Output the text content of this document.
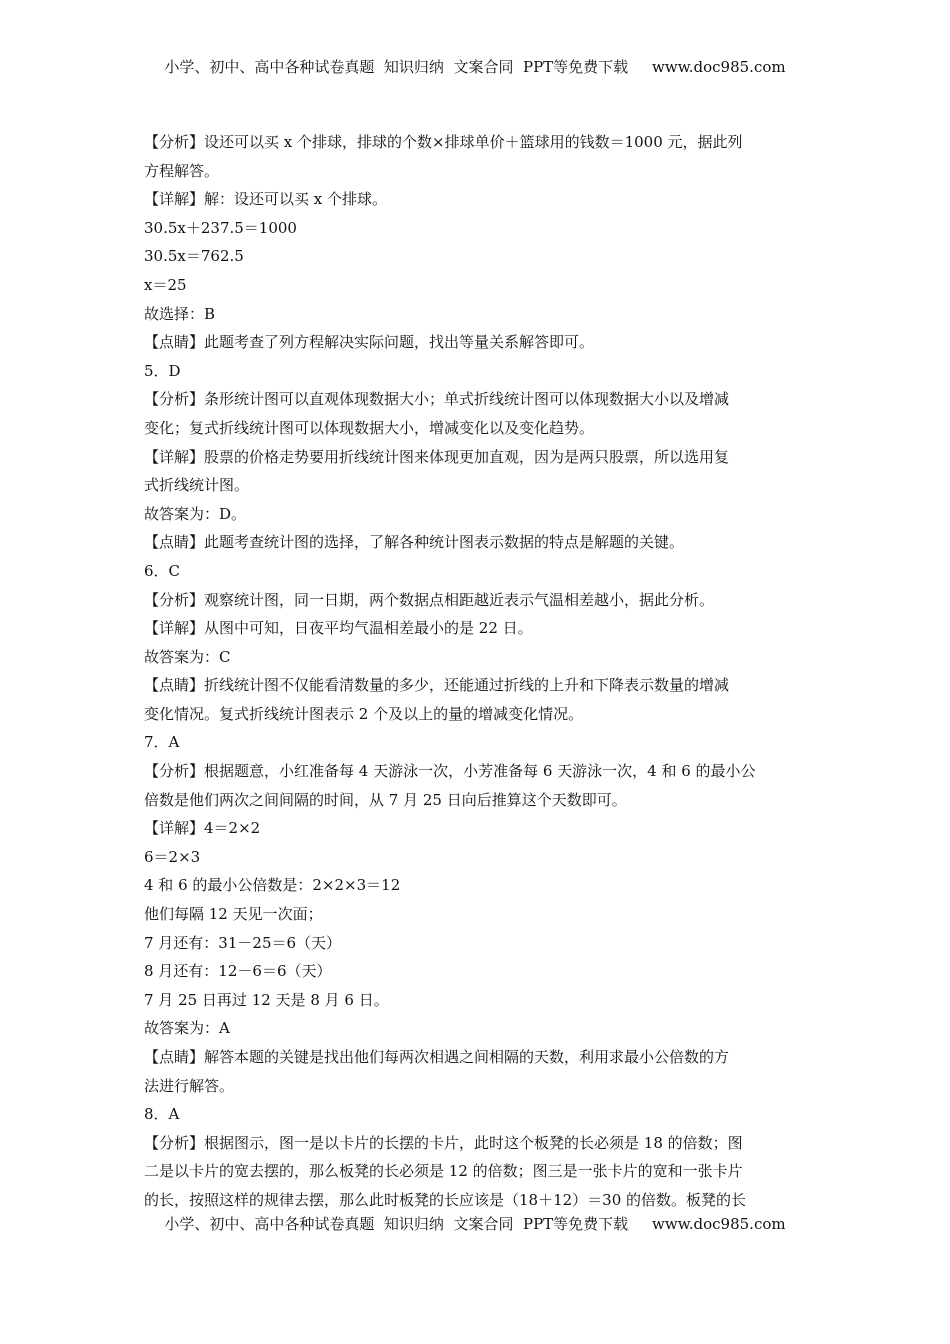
小学、初中、高中各种试卷真题  知识归纳  文案合同  PPT等免费下载     www.doc985.com
【分析】设还可以买 x 个排球，排球的个数×排球单价＋篮球用的钱数＝1000 元，据此列
方程解答。
【详解】解：设还可以买 x 个排球。
30.5x＋237.5＝1000
30.5x＝762.5
x＝25
故选择：B
【点睛】此题考查了列方程解决实际问题，找出等量关系解答即可。
5．D
【分析】条形统计图可以直观体现数据大小；单式折线统计图可以体现数据大小以及增减
变化；复式折线统计图可以体现数据大小，增减变化以及变化趋势。
【详解】股票的价格走势要用折线统计图来体现更加直观，因为是两只股票，所以选用复
式折线统计图。
故答案为：D。
【点睛】此题考查统计图的选择，了解各种统计图表示数据的特点是解题的关键。
6．C
【分析】观察统计图，同一日期，两个数据点相距越近表示气温相差越小，据此分析。
【详解】从图中可知，日夜平均气温相差最小的是 22 日。
故答案为：C
【点睛】折线统计图不仅能看清数量的多少，还能通过折线的上升和下降表示数量的增减
变化情况。复式折线统计图表示 2 个及以上的量的增减变化情况。
7．A
【分析】根据题意，小红准备每 4 天游泳一次，小芳准备每 6 天游泳一次，4 和 6 的最小公
倍数是他们两次之间间隔的时间，从 7 月 25 日向后推算这个天数即可。
【详解】4＝2×2
6＝2×3
4 和 6 的最小公倍数是：2×2×3＝12
他们每隔 12 天见一次面；
7 月还有：31－25＝6（天）
8 月还有：12－6＝6（天）
7 月 25 日再过 12 天是 8 月 6 日。
故答案为：A
【点睛】解答本题的关键是找出他们每两次相遇之间相隔的天数，利用求最小公倍数的方
法进行解答。
8．A
【分析】根据图示，图一是以卡片的长摆的卡片，此时这个板凳的长必须是 18 的倍数；图
二是以卡片的宽去摆的，那么板凳的长必须是 12 的倍数；图三是一张卡片的宽和一张卡片
的长，按照这样的规律去摆，那么此时板凳的长应该是（18＋12）＝30 的倍数。板凳的长
小学、初中、高中各种试卷真题  知识归纳  文案合同  PPT等免费下载     www.doc985.com
